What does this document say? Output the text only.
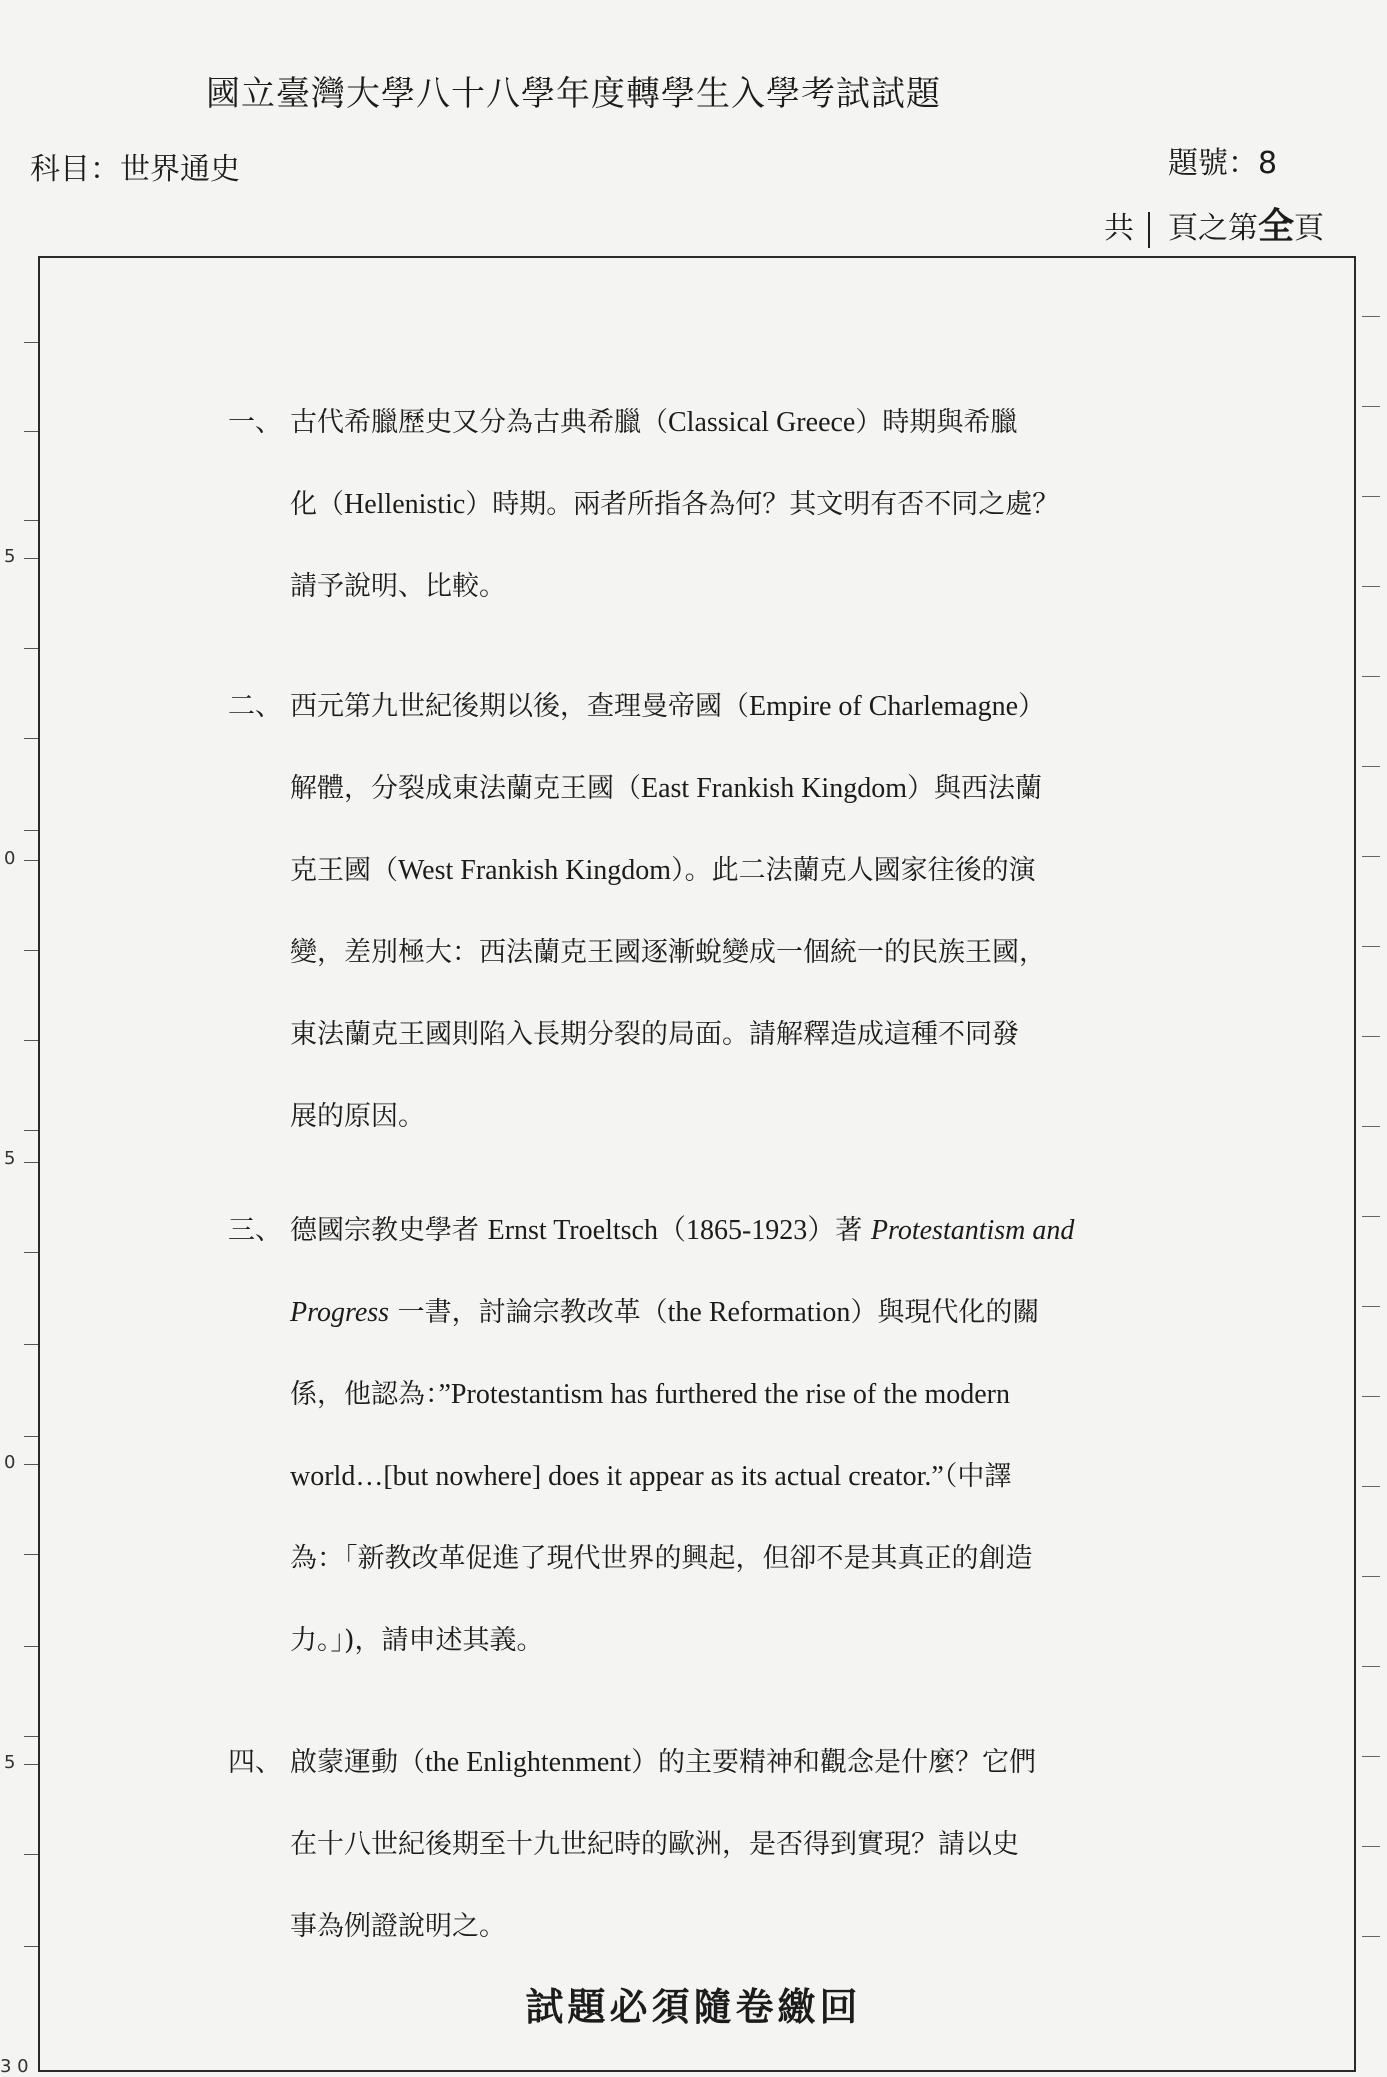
國立臺灣大學八十八學年度轉學生入學考試試題
科目：世界通史	題號：8
共 頁之第全頁
5
0
5
0
5
3 0
一、 古代希臘歷史又分為古典希臘（Classical Greece）時期與希臘
化（Hellenistic）時期。兩者所指各為何？其文明有否不同之處？
請予說明、比較。
二、 西元第九世紀後期以後，查理曼帝國（Empire of Charlemagne）
解體，分裂成東法蘭克王國（East Frankish Kingdom）與西法蘭
克王國（West Frankish Kingdom）。此二法蘭克人國家往後的演
變，差別極大：西法蘭克王國逐漸蛻變成一個統一的民族王國，
東法蘭克王國則陷入長期分裂的局面。請解釋造成這種不同發
展的原因。
三、 德國宗教史學者 Ernst Troeltsch（1865-1923）著 Protestantism and
Progress 一書，討論宗教改革（the Reformation）與現代化的關
係，他認為：”Protestantism has furthered the rise of the modern
world…[but nowhere] does it appear as its actual creator.”（中譯
為：「新教改革促進了現代世界的興起，但卻不是其真正的創造
力。」)，請申述其義。
四、 啟蒙運動（the Enlightenment）的主要精神和觀念是什麼？它們
在十八世紀後期至十九世紀時的歐洲，是否得到實現？請以史
事為例證說明之。
試題必須隨卷繳回
